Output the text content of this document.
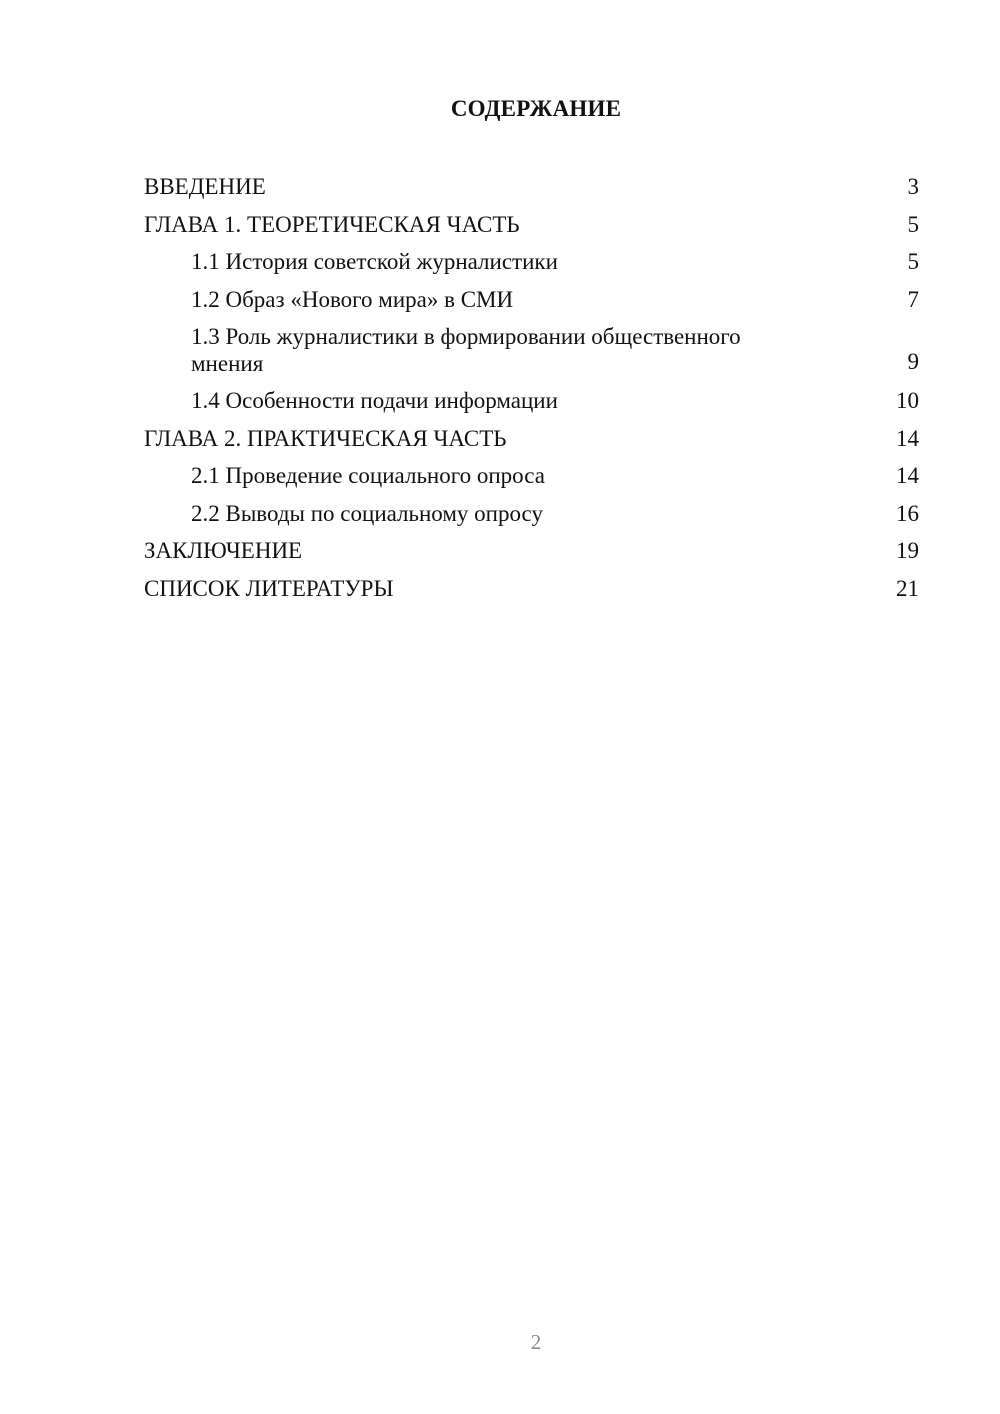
СОДЕРЖАНИЕ
ВВЕДЕНИЕ	3
ГЛАВА 1. ТЕОРЕТИЧЕСКАЯ ЧАСТЬ	5
1.1 История советской журналистики	5
1.2 Образ «Нового мира» в СМИ	7
1.3 Роль журналистики в формировании общественного мнения	9
1.4 Особенности подачи информации	10
ГЛАВА 2. ПРАКТИЧЕСКАЯ ЧАСТЬ	14
2.1 Проведение социального опроса	14
2.2 Выводы по социальному опросу	16
ЗАКЛЮЧЕНИЕ	19
СПИСОК ЛИТЕРАТУРЫ	21
2
